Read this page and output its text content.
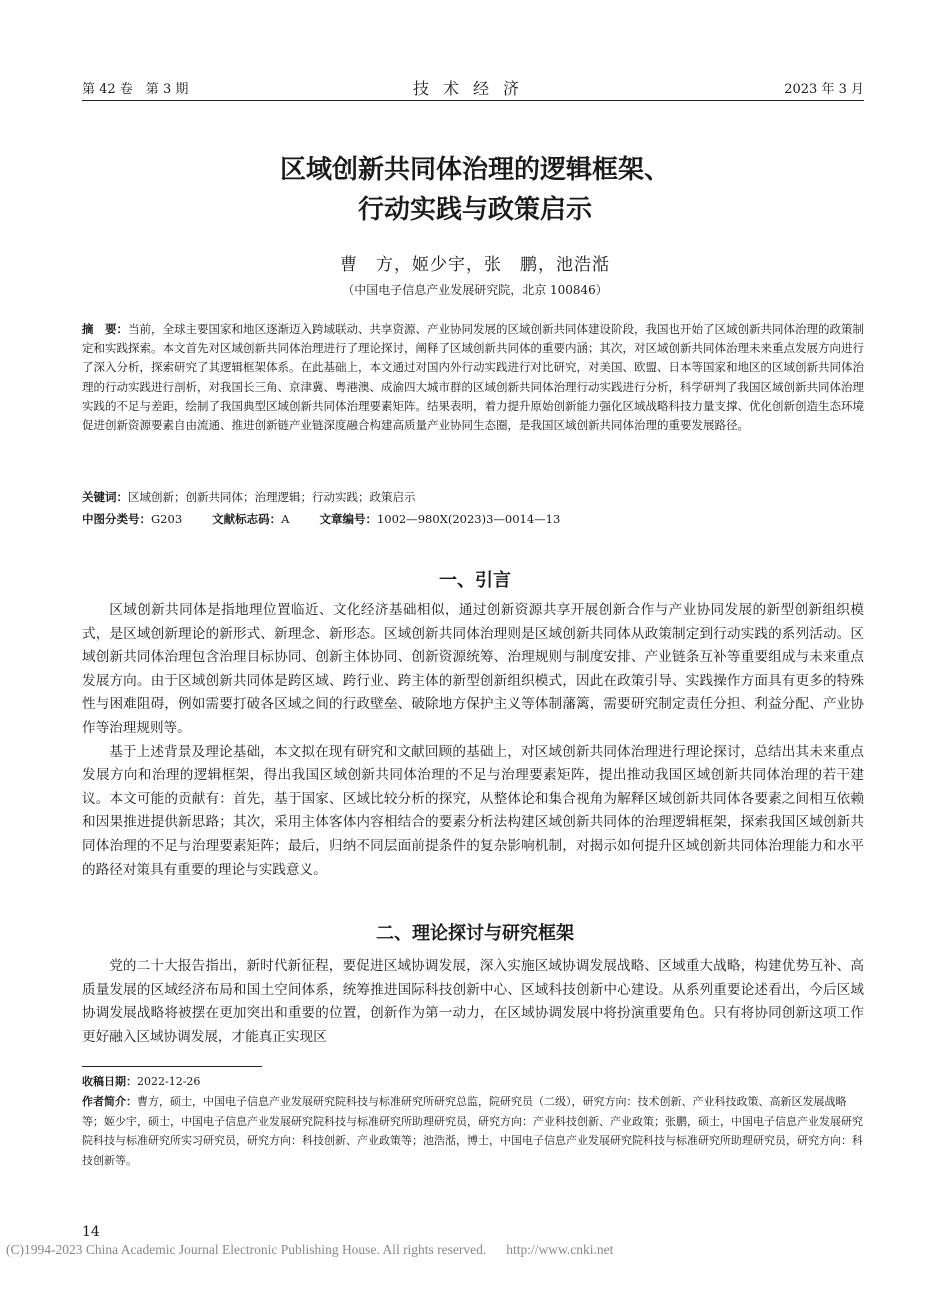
第 42 卷　第 3 期	技术经济	2023 年 3 月
区域创新共同体治理的逻辑框架、
行动实践与政策启示
曹　方，姬少宇，张　鹏，池浩湉
（中国电子信息产业发展研究院，北京 100846）
摘　要：当前，全球主要国家和地区逐渐迈入跨域联动、共享资源、产业协同发展的区域创新共同体建设阶段，我国也开始了区域创新共同体治理的政策制定和实践探索。本文首先对区域创新共同体治理进行了理论探讨，阐释了区域创新共同体的重要内涵；其次，对区域创新共同体治理未来重点发展方向进行了深入分析，探索研究了其逻辑框架体系。在此基础上，本文通过对国内外行动实践进行对比研究，对美国、欧盟、日本等国家和地区的区域创新共同体治理的行动实践进行剖析，对我国长三角、京津冀、粤港澳、成渝四大城市群的区域创新共同体治理行动实践进行分析，科学研判了我国区域创新共同体治理实践的不足与差距，绘制了我国典型区域创新共同体治理要素矩阵。结果表明，着力提升原始创新能力强化区域战略科技力量支撑、优化创新创造生态环境促进创新资源要素自由流通、推进创新链产业链深度融合构建高质量产业协同生态圈，是我国区域创新共同体治理的重要发展路径。
关键词：区域创新；创新共同体；治理逻辑；行动实践；政策启示
中图分类号：G203	文献标志码：A	文章编号：1002—980X(2023)3—0014—13
一、引言

区域创新共同体是指地理位置临近、文化经济基础相似，通过创新资源共享开展创新合作与产业协同发展的新型创新组织模式，是区域创新理论的新形式、新理念、新形态。区域创新共同体治理则是区域创新共同体从政策制定到行动实践的系列活动。区域创新共同体治理包含治理目标协同、创新主体协同、创新资源统筹、治理规则与制度安排、产业链条互补等重要组成与未来重点发展方向。由于区域创新共同体是跨区域、跨行业、跨主体的新型创新组织模式，因此在政策引导、实践操作方面具有更多的特殊性与困难阻碍，例如需要打破各区域之间的行政壁垒、破除地方保护主义等体制藩篱，需要研究制定责任分担、利益分配、产业协作等治理规则等。

基于上述背景及理论基础，本文拟在现有研究和文献回顾的基础上，对区域创新共同体治理进行理论探讨，总结出其未来重点发展方向和治理的逻辑框架，得出我国区域创新共同体治理的不足与治理要素矩阵，提出推动我国区域创新共同体治理的若干建议。本文可能的贡献有：首先，基于国家、区域比较分析的探究，从整体论和集合视角为解释区域创新共同体各要素之间相互依赖和因果推进提供新思路；其次，采用主体客体内容相结合的要素分析法构建区域创新共同体的治理逻辑框架，探索我国区域创新共同体治理的不足与治理要素矩阵；最后，归纳不同层面前提条件的复杂影响机制，对揭示如何提升区域创新共同体治理能力和水平的路径对策具有重要的理论与实践意义。

二、理论探讨与研究框架

党的二十大报告指出，新时代新征程，要促进区域协调发展，深入实施区域协调发展战略、区域重大战略，构建优势互补、高质量发展的区域经济布局和国土空间体系，统筹推进国际科技创新中心、区域科技创新中心建设。从系列重要论述看出，今后区域协调发展战略将被摆在更加突出和重要的位置，创新作为第一动力，在区域协调发展中将扮演重要角色。只有将协同创新这项工作更好融入区域协调发展，才能真正实现区

收稿日期：2022-12-26
作者简介：曹方，硕士，中国电子信息产业发展研究院科技与标准研究所研究总监，院研究员（二级），研究方向：技术创新、产业科技政策、高新区发展战略等；姬少宇，硕士，中国电子信息产业发展研究院科技与标准研究所助理研究员，研究方向：产业科技创新、产业政策；张鹏，硕士，中国电子信息产业发展研究院科技与标准研究所实习研究员，研究方向：科技创新、产业政策等；池浩湉，博士，中国电子信息产业发展研究院科技与标准研究所助理研究员，研究方向：科技创新等。
14
(C)1994-2023 China Academic Journal Electronic Publishing House. All rights reserved. http://www.cnki.net
